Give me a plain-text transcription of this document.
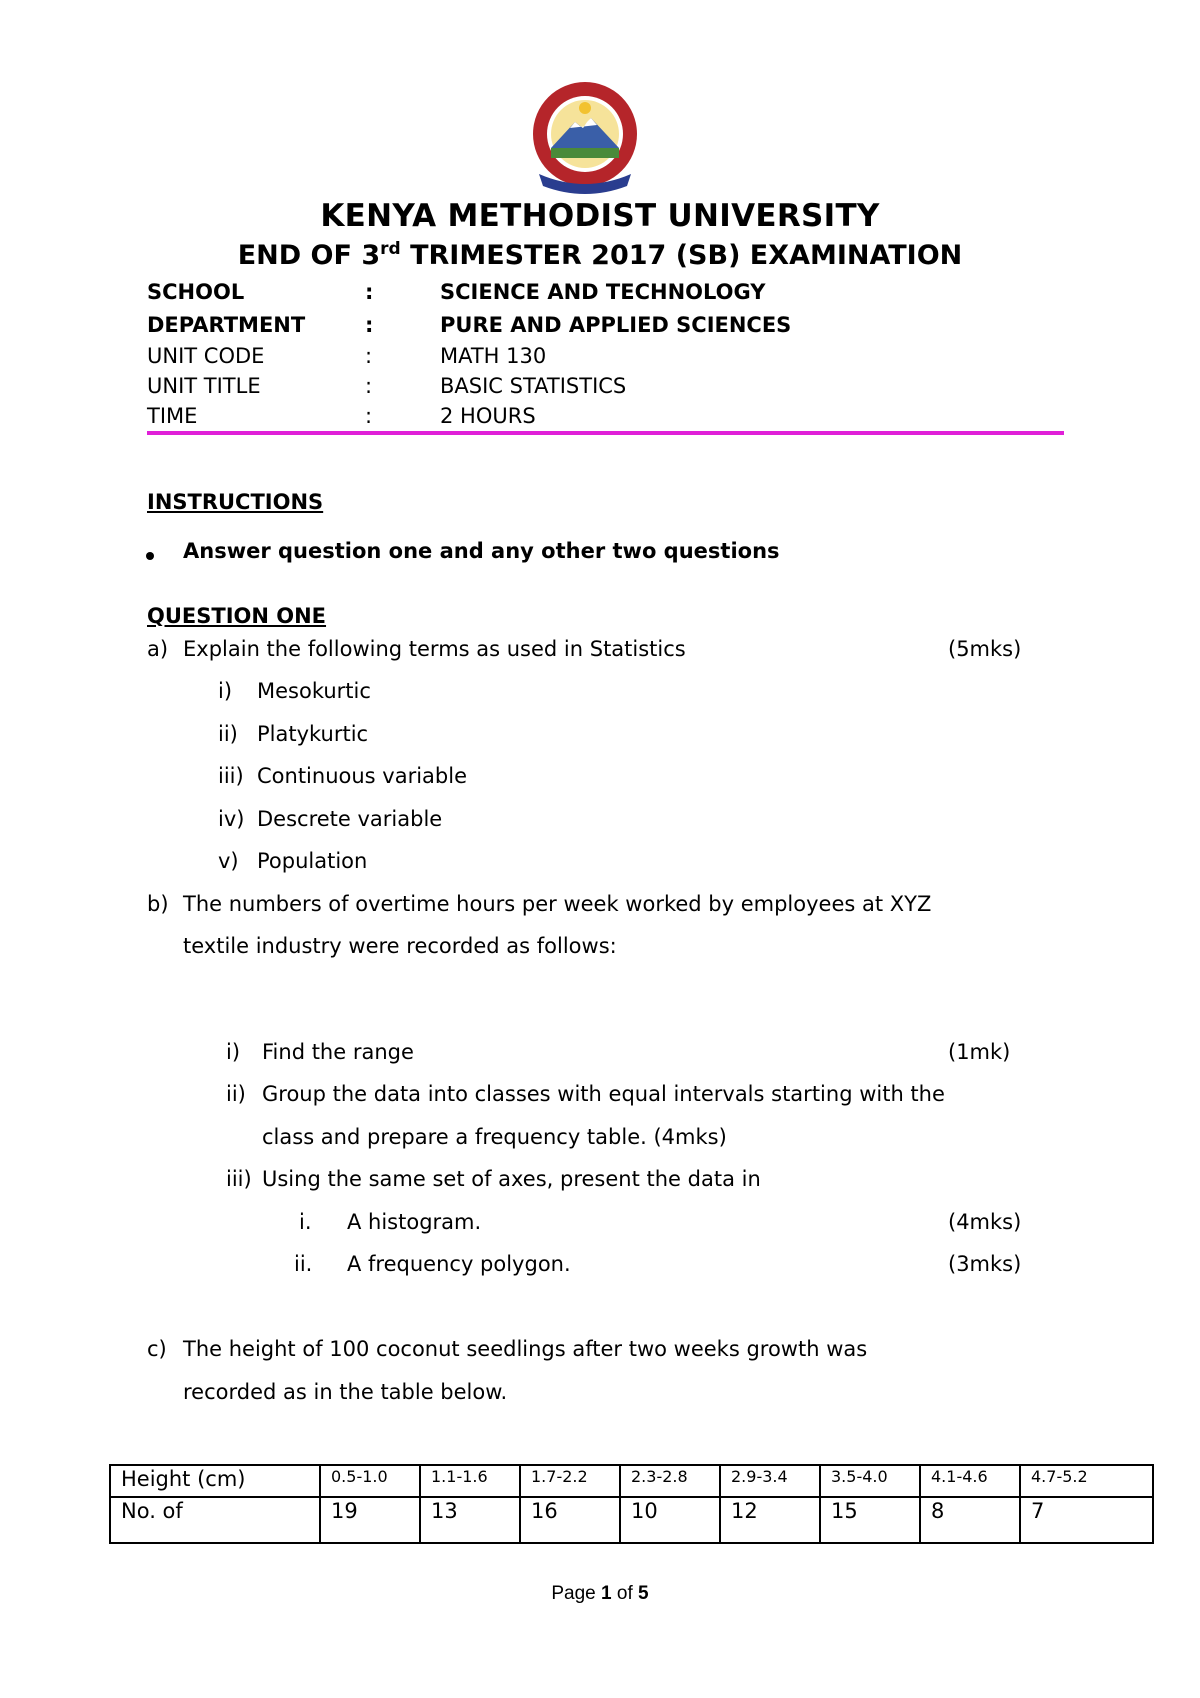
KENYA METHODIST UNIVERSITY
END OF 3rd TRIMESTER 2017 (SB) EXAMINATION
SCHOOL	:	SCIENCE AND TECHNOLOGY
DEPARTMENT	:	PURE AND APPLIED SCIENCES
UNIT CODE	:	MATH 130
UNIT TITLE	:	BASIC STATISTICS
TIME	:	2 HOURS
INSTRUCTIONS
Answer question one and any other two questions
QUESTION ONE
a) Explain the following terms as used in Statistics	(5mks)
i) Mesokurtic
ii) Platykurtic
iii) Continuous variable
iv) Descrete variable
v) Population
b) The numbers of overtime hours per week worked by employees at XYZ
textile industry were recorded as follows:
i) Find the range	(1mk)
ii) Group the data into classes with equal intervals starting with the
class and prepare a frequency table. (4mks)
iii) Using the same set of axes, present the data in
i. A histogram.	(4mks)
ii. A frequency polygon.	(3mks)
c) The height of 100 coconut seedlings after two weeks growth was
recorded as in the table below.
Height (cm)	0.5-1.0	1.1-1.6	1.7-2.2	2.3-2.8	2.9-3.4	3.5-4.0	4.1-4.6	4.7-5.2
No. of	19	13	16	10	12	15	8	7
Page 1 of 5
